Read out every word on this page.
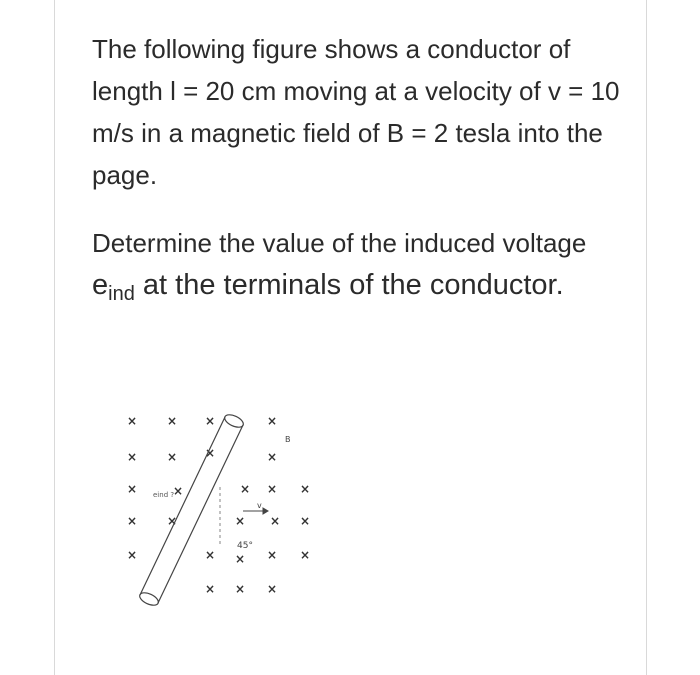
The following figure shows a conductor of length l = 20 cm moving at a velocity of v = 10 m/s in a magnetic field of B = 2 tesla into the page.

Determine the value of the induced voltage $e_{ind}$ at the terminals of the conductor.

× × ×	×
× × ×	×
×	×	× × ×
× ×	× × ×
×	× × × ×
× × ×
B
v
45°
eind ?
